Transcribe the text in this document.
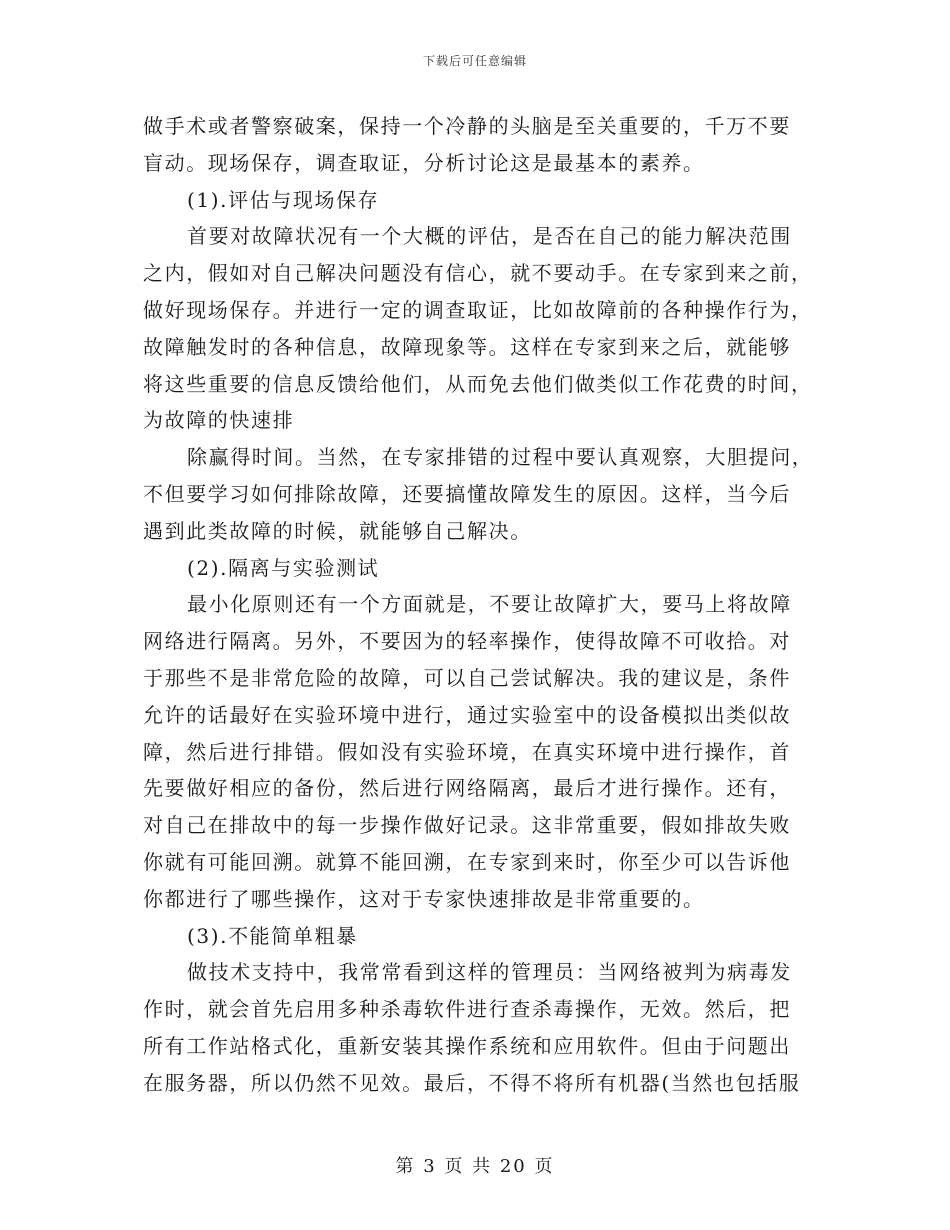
下载后可任意编辑
做手术或者警察破案，保持一个冷静的头脑是至关重要的，千万不要
盲动。现场保存，调查取证，分析讨论这是最基本的素养。
(1).评估与现场保存
首要对故障状况有一个大概的评估，是否在自己的能力解决范围
之内，假如对自己解决问题没有信心，就不要动手。在专家到来之前，
做好现场保存。并进行一定的调查取证，比如故障前的各种操作行为，
故障触发时的各种信息，故障现象等。这样在专家到来之后，就能够
将这些重要的信息反馈给他们，从而免去他们做类似工作花费的时间，
为故障的快速排
除赢得时间。当然，在专家排错的过程中要认真观察，大胆提问，
不但要学习如何排除故障，还要搞懂故障发生的原因。这样，当今后
遇到此类故障的时候，就能够自己解决。
(2).隔离与实验测试
最小化原则还有一个方面就是，不要让故障扩大，要马上将故障
网络进行隔离。另外，不要因为的轻率操作，使得故障不可收拾。对
于那些不是非常危险的故障，可以自己尝试解决。我的建议是，条件
允许的话最好在实验环境中进行，通过实验室中的设备模拟出类似故
障，然后进行排错。假如没有实验环境，在真实环境中进行操作，首
先要做好相应的备份，然后进行网络隔离，最后才进行操作。还有，
对自己在排故中的每一步操作做好记录。这非常重要，假如排故失败
你就有可能回溯。就算不能回溯，在专家到来时，你至少可以告诉他
你都进行了哪些操作，这对于专家快速排故是非常重要的。
(3).不能简单粗暴
做技术支持中，我常常看到这样的管理员：当网络被判为病毒发
作时，就会首先启用多种杀毒软件进行查杀毒操作，无效。然后，把
所有工作站格式化，重新安装其操作系统和应用软件。但由于问题出
在服务器，所以仍然不见效。最后，不得不将所有机器(当然也包括服
第 3 页 共 20 页
